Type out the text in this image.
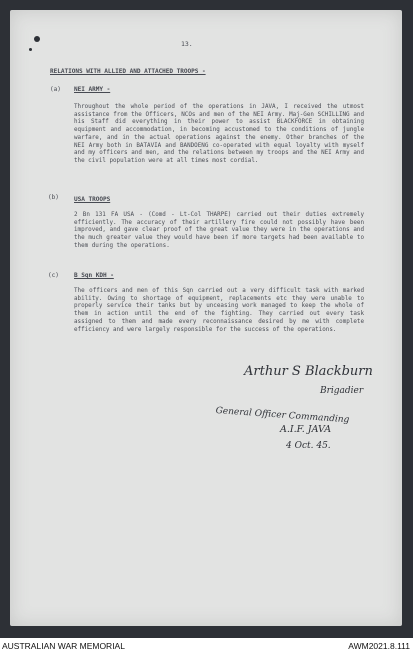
13.
RELATIONS WITH ALLIED AND ATTACHED TROOPS -
(a) NEI ARMY -
Throughout the whole period of the operations in JAVA, I received the utmost assistance from the Officers, NCOs and men of the NEI Army. Maj-Gen SCHILLING and his Staff did everything in their power to assist BLACKFORCE in obtaining equipment and accommodation, in becoming accustomed to the conditions of jungle warfare, and in the actual operations against the enemy. Other branches of the NEI Army both in BATAVIA and BANDOENG co-operated with equal loyalty with myself and my officers and men, and the relations between my troops and the NEI Army and the civil population were at all times most cordial.
(b) USA TROOPS
2 Bn 131 FA USA - (Comd - Lt-Col THARPE) carried out their duties extremely efficiently. The accuracy of their artillery fire could not possibly have been improved, and gave clear proof of the great value they were in the operations and the much greater value they would have been if more targets had been available to them during the operations.
(c) B Sqn KDH -
The officers and men of this Sqn carried out a very difficult task with marked ability. Owing to shortage of equipment, replacements etc they were unable to properly service their tanks but by unceasing work managed to keep the whole of them in action until the end of the fighting. They carried out every task assigned to them and made every reconnaissance desired by me with complete efficiency and were largely responsible for the success of the operations.
Arthur S Blackburn
Brigadier
General Officer Commanding
A.I.F. JAVA
4 Oct. 45.
AUSTRALIAN WAR MEMORIAL	AWM2021.8.111
